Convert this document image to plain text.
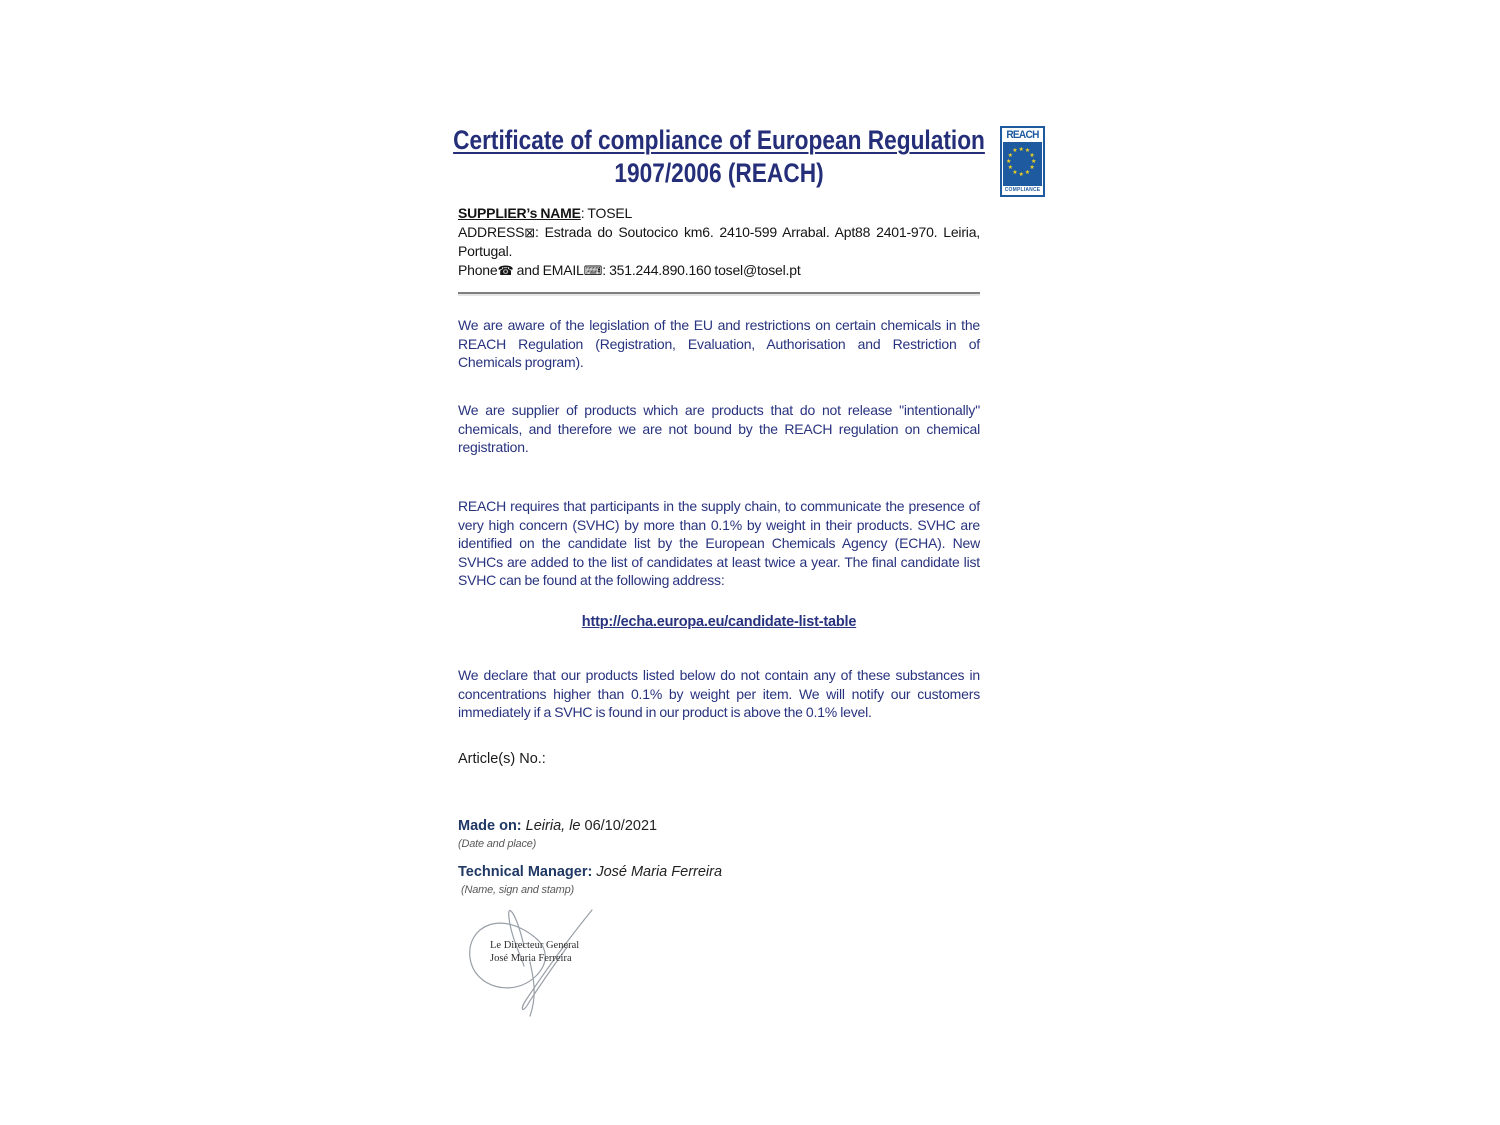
Certificate of compliance of European Regulation
1907/2006 (REACH)
SUPPLIER’s NAME: TOSEL
ADDRESS⊠: Estrada do Soutocico km6. 2410-599 Arrabal. Apt88 2401-970. Leiria, Portugal.
Phone☎ and EMAIL⌨: 351.244.890.160 tosel@tosel.pt

We are aware of the legislation of the EU and restrictions on certain chemicals in the REACH Regulation (Registration, Evaluation, Authorisation and Restriction of Chemicals program).

We are supplier of products which are products that do not release "intentionally" chemicals, and therefore we are not bound by the REACH regulation on chemical registration.

REACH requires that participants in the supply chain, to communicate the presence of very high concern (SVHC) by more than 0.1% by weight in their products. SVHC are identified on the candidate list by the European Chemicals Agency (ECHA). New SVHCs are added to the list of candidates at least twice a year. The final candidate list SVHC can be found at the following address:

http://echa.europa.eu/candidate-list-table

We declare that our products listed below do not contain any of these substances in concentrations higher than 0.1% by weight per item. We will notify our customers immediately if a SVHC is found in our product is above the 0.1% level.

Article(s) No.:
Made on: Leiria, le 06/10/2021
(Date and place)
Technical Manager: José Maria Ferreira
(Name, sign and stamp)
Le Directeur General
José Maria Ferreira
REACH
★ ★
★
★
★
★
★
★
★
★
★
★
COMPLIANCE
